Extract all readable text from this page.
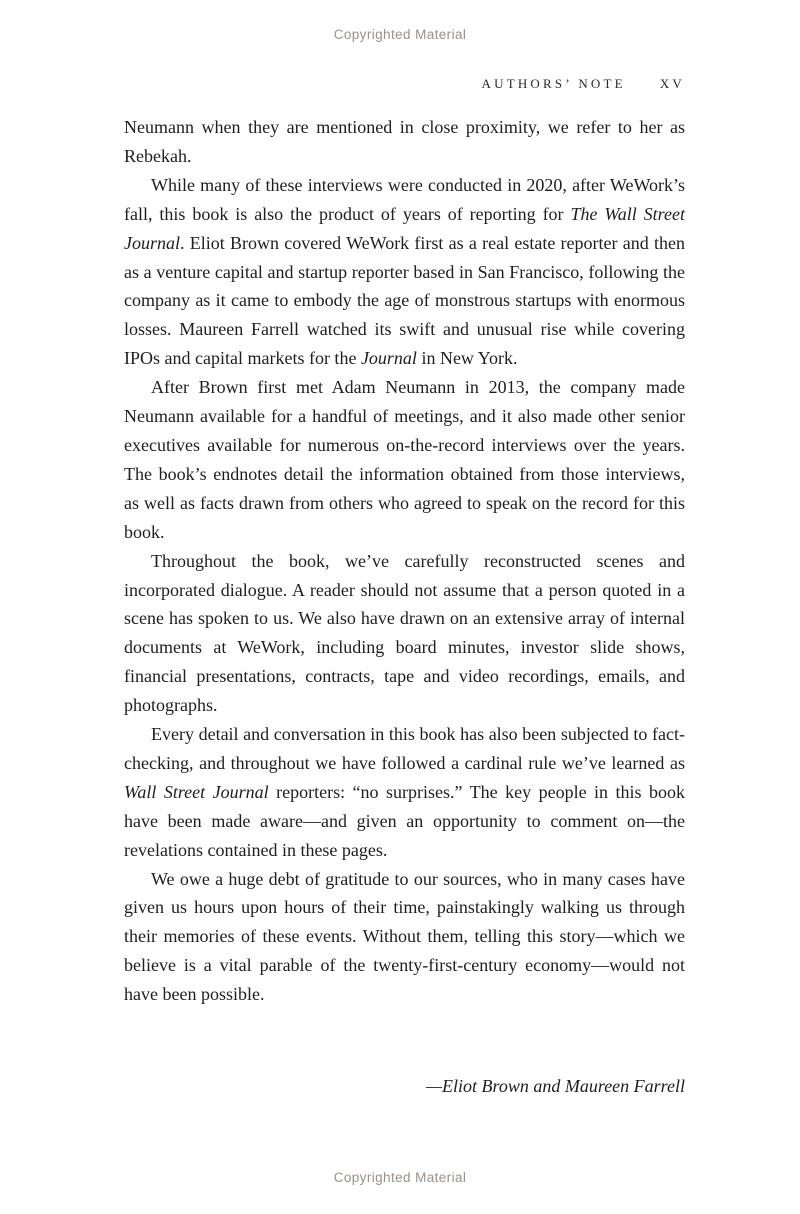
Copyrighted Material
AUTHORS’ NOTE	XV

Neumann when they are mentioned in close proximity, we refer to her as Rebekah.

While many of these interviews were conducted in 2020, after WeWork’s fall, this book is also the product of years of reporting for The Wall Street Journal. Eliot Brown covered WeWork first as a real estate reporter and then as a venture capital and startup reporter based in San Francisco, following the company as it came to embody the age of monstrous startups with enormous losses. Maureen Farrell watched its swift and unusual rise while covering IPOs and capital markets for the Journal in New York.

After Brown first met Adam Neumann in 2013, the company made Neumann available for a handful of meetings, and it also made other senior executives available for numerous on-the-record interviews over the years. The book’s endnotes detail the information obtained from those interviews, as well as facts drawn from others who agreed to speak on the record for this book.

Throughout the book, we’ve carefully reconstructed scenes and incorporated dialogue. A reader should not assume that a person quoted in a scene has spoken to us. We also have drawn on an extensive array of internal documents at WeWork, including board minutes, investor slide shows, financial presentations, contracts, tape and video recordings, emails, and photographs.

Every detail and conversation in this book has also been subjected to fact-checking, and throughout we have followed a cardinal rule we’ve learned as Wall Street Journal reporters: “no surprises.” The key people in this book have been made aware—and given an opportunity to comment on—the revelations contained in these pages.

We owe a huge debt of gratitude to our sources, who in many cases have given us hours upon hours of their time, painstakingly walking us through their memories of these events. Without them, telling this story—which we believe is a vital parable of the twenty-first-century economy—would not have been possible.

—Eliot Brown and Maureen Farrell
Copyrighted Material
